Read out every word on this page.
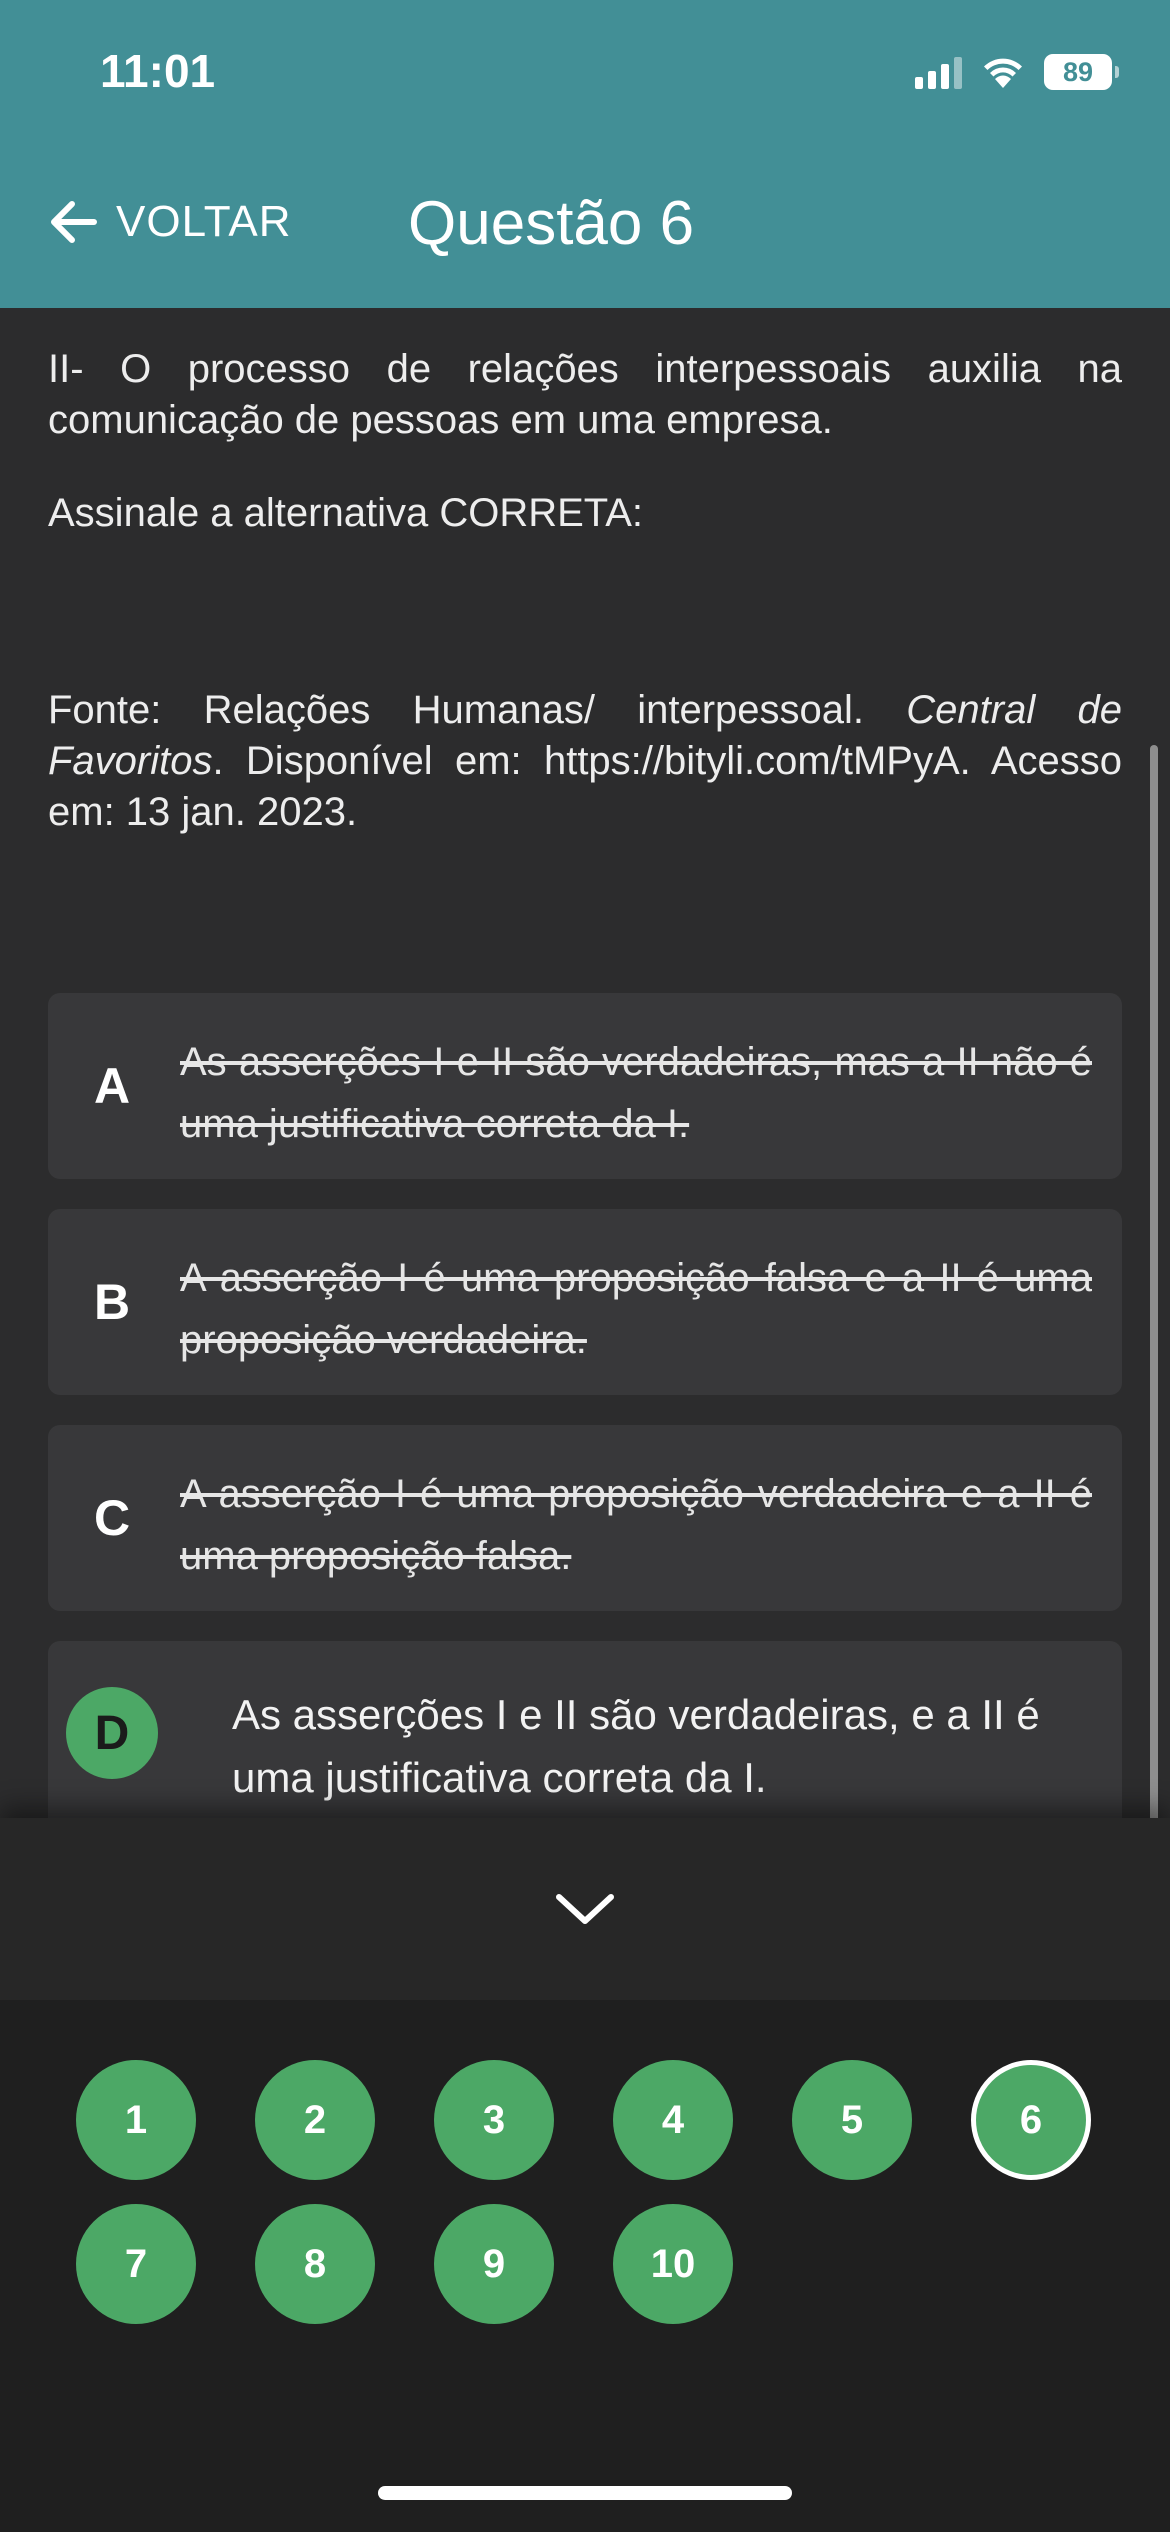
11:01	89
VOLTAR Questão 6

II- O processo de relações interpessoais auxilia na comunicação de pessoas em uma empresa.

Assinale a alternativa CORRETA:

Fonte: Relações Humanas/ interpessoal. Central de Favoritos. Disponível em: https://bityli.com/tMPyA. Acesso em: 13 jan. 2023.

A As asserções I e II são verdadeiras, mas a II não é uma justificativa correta da I.
B A asserção I é uma proposição falsa e a II é uma proposição verdadeira.
C A asserção I é uma proposição verdadeira e a II é uma proposição falsa.
D	As asserções I e II são verdadeiras, e a II é uma justificativa correta da I.
1	2	3	4	5	6
7	8	9	10
